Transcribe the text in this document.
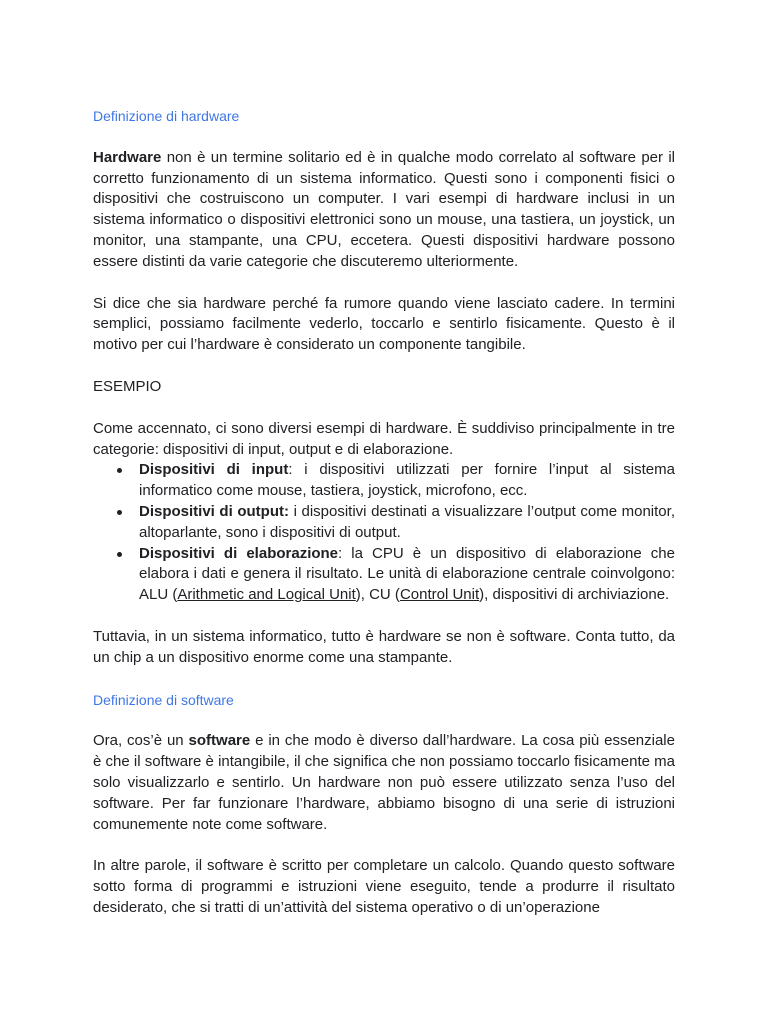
Definizione di hardware

Hardware non è un termine solitario ed è in qualche modo correlato al software per il corretto funzionamento di un sistema informatico. Questi sono i componenti fisici o dispositivi che costruiscono un computer. I vari esempi di hardware inclusi in un sistema informatico o dispositivi elettronici sono un mouse, una tastiera, un joystick, un monitor, una stampante, una CPU, eccetera. Questi dispositivi hardware possono essere distinti da varie categorie che discuteremo ulteriormente.

Si dice che sia hardware perché fa rumore quando viene lasciato cadere. In termini semplici, possiamo facilmente vederlo, toccarlo e sentirlo fisicamente. Questo è il motivo per cui l’hardware è considerato un componente tangibile.

ESEMPIO

Come accennato, ci sono diversi esempi di hardware. È suddiviso principalmente in tre categorie: dispositivi di input, output e di elaborazione.

Dispositivi di input: i dispositivi utilizzati per fornire l’input al sistema informatico come mouse, tastiera, joystick, microfono, ecc.
Dispositivi di output: i dispositivi destinati a visualizzare l’output come monitor, altoparlante, sono i dispositivi di output.
Dispositivi di elaborazione: la CPU è un dispositivo di elaborazione che elabora i dati e genera il risultato. Le unità di elaborazione centrale coinvolgono: ALU (Arithmetic and Logical Unit), CU (Control Unit), dispositivi di archiviazione.

Tuttavia, in un sistema informatico, tutto è hardware se non è software. Conta tutto, da un chip a un dispositivo enorme come una stampante.

Definizione di software

Ora, cos’è un software e in che modo è diverso dall’hardware. La cosa più essenziale è che il software è intangibile, il che significa che non possiamo toccarlo fisicamente ma solo visualizzarlo e sentirlo. Un hardware non può essere utilizzato senza l’uso del software. Per far funzionare l’hardware, abbiamo bisogno di una serie di istruzioni comunemente note come software.

In altre parole, il software è scritto per completare un calcolo. Quando questo software sotto forma di programmi e istruzioni viene eseguito, tende a produrre il risultato desiderato, che si tratti di un’attività del sistema operativo o di un’operazione
